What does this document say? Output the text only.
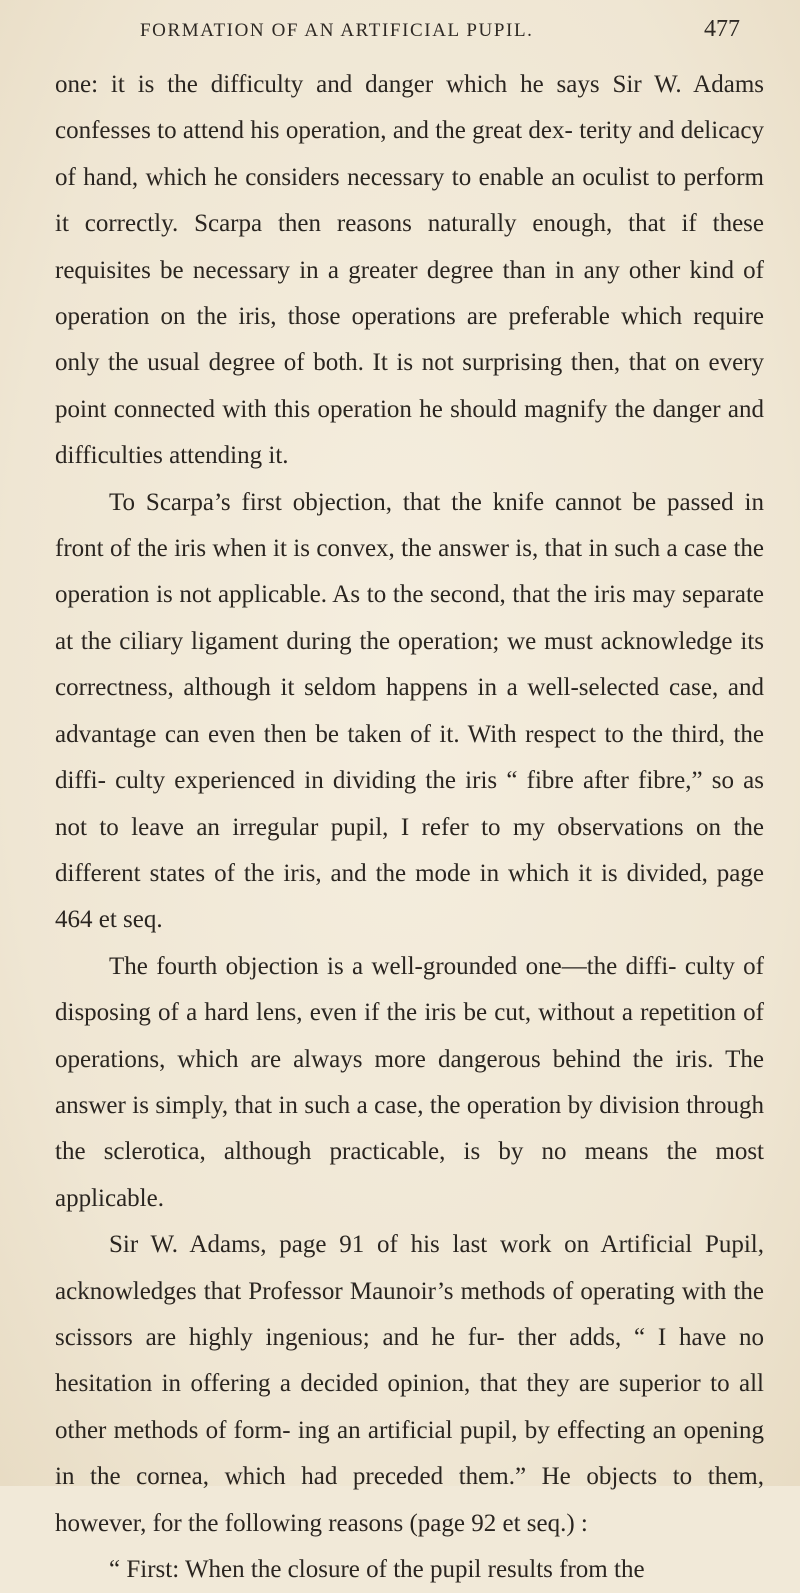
FORMATION OF AN ARTIFICIAL PUPIL.	477

one: it is the difficulty and danger which he says Sir W. Adams confesses to attend his operation, and the great dex- terity and delicacy of hand, which he considers necessary to enable an oculist to perform it correctly. Scarpa then reasons naturally enough, that if these requisites be necessary in a greater degree than in any other kind of operation on the iris, those operations are preferable which require only the usual degree of both. It is not surprising then, that on every point connected with this operation he should magnify the danger and difficulties attending it.

To Scarpa’s first objection, that the knife cannot be passed in front of the iris when it is convex, the answer is, that in such a case the operation is not applicable. As to the second, that the iris may separate at the ciliary ligament during the operation; we must acknowledge its correctness, although it seldom happens in a well-selected case, and advantage can even then be taken of it. With respect to the third, the diffi- culty experienced in dividing the iris “ fibre after fibre,” so as not to leave an irregular pupil, I refer to my observations on the different states of the iris, and the mode in which it is divided, page 464 et seq.

The fourth objection is a well-grounded one—the diffi- culty of disposing of a hard lens, even if the iris be cut, without a repetition of operations, which are always more dangerous behind the iris. The answer is simply, that in such a case, the operation by division through the sclerotica, although practicable, is by no means the most applicable.

Sir W. Adams, page 91 of his last work on Artificial Pupil, acknowledges that Professor Maunoir’s methods of operating with the scissors are highly ingenious; and he fur- ther adds, “ I have no hesitation in offering a decided opinion, that they are superior to all other methods of form- ing an artificial pupil, by effecting an opening in the cornea, which had preceded them.” He objects to them, however, for the following reasons (page 92 et seq.) :

“ First: When the closure of the pupil results from the
